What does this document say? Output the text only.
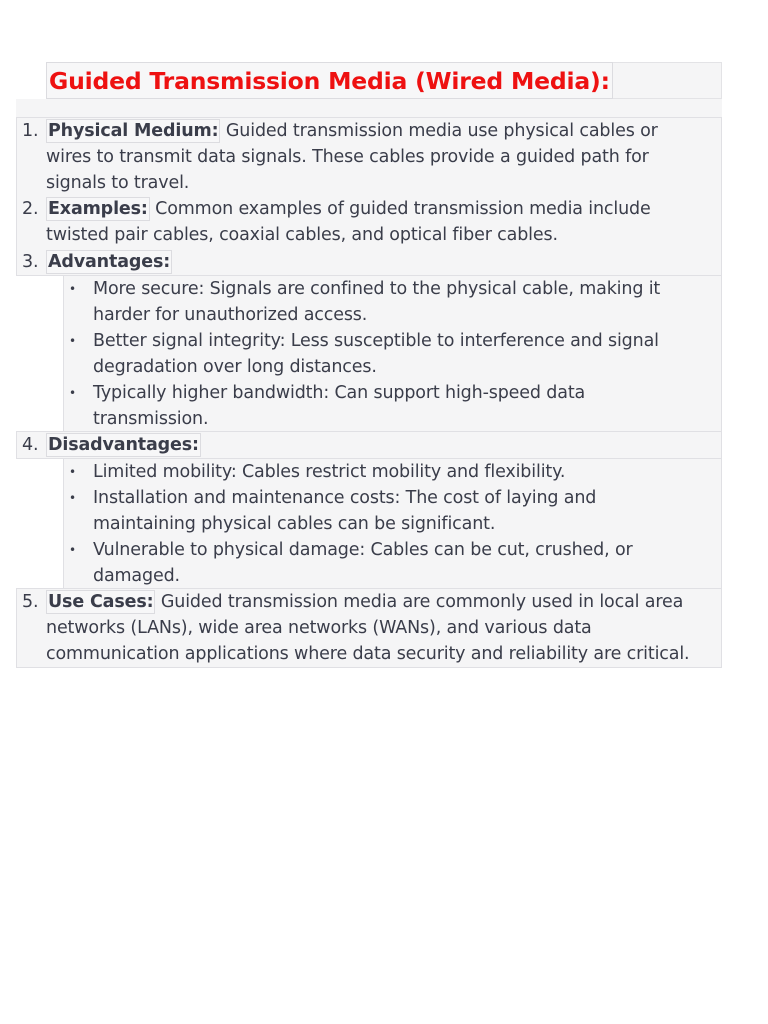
Guided Transmission Media (Wired Media):
1. Physical Medium: Guided transmission media use physical cables or
wires to transmit data signals. These cables provide a guided path for
signals to travel.
2. Examples: Common examples of guided transmission media include
twisted pair cables, coaxial cables, and optical fiber cables.
3. Advantages:
• More secure: Signals are confined to the physical cable, making it
harder for unauthorized access.
• Better signal integrity: Less susceptible to interference and signal
degradation over long distances.
• Typically higher bandwidth: Can support high-speed data
transmission.
4. Disadvantages:
• Limited mobility: Cables restrict mobility and flexibility.
• Installation and maintenance costs: The cost of laying and
maintaining physical cables can be significant.
• Vulnerable to physical damage: Cables can be cut, crushed, or
damaged.
5. Use Cases: Guided transmission media are commonly used in local area
networks (LANs), wide area networks (WANs), and various data
communication applications where data security and reliability are critical.
